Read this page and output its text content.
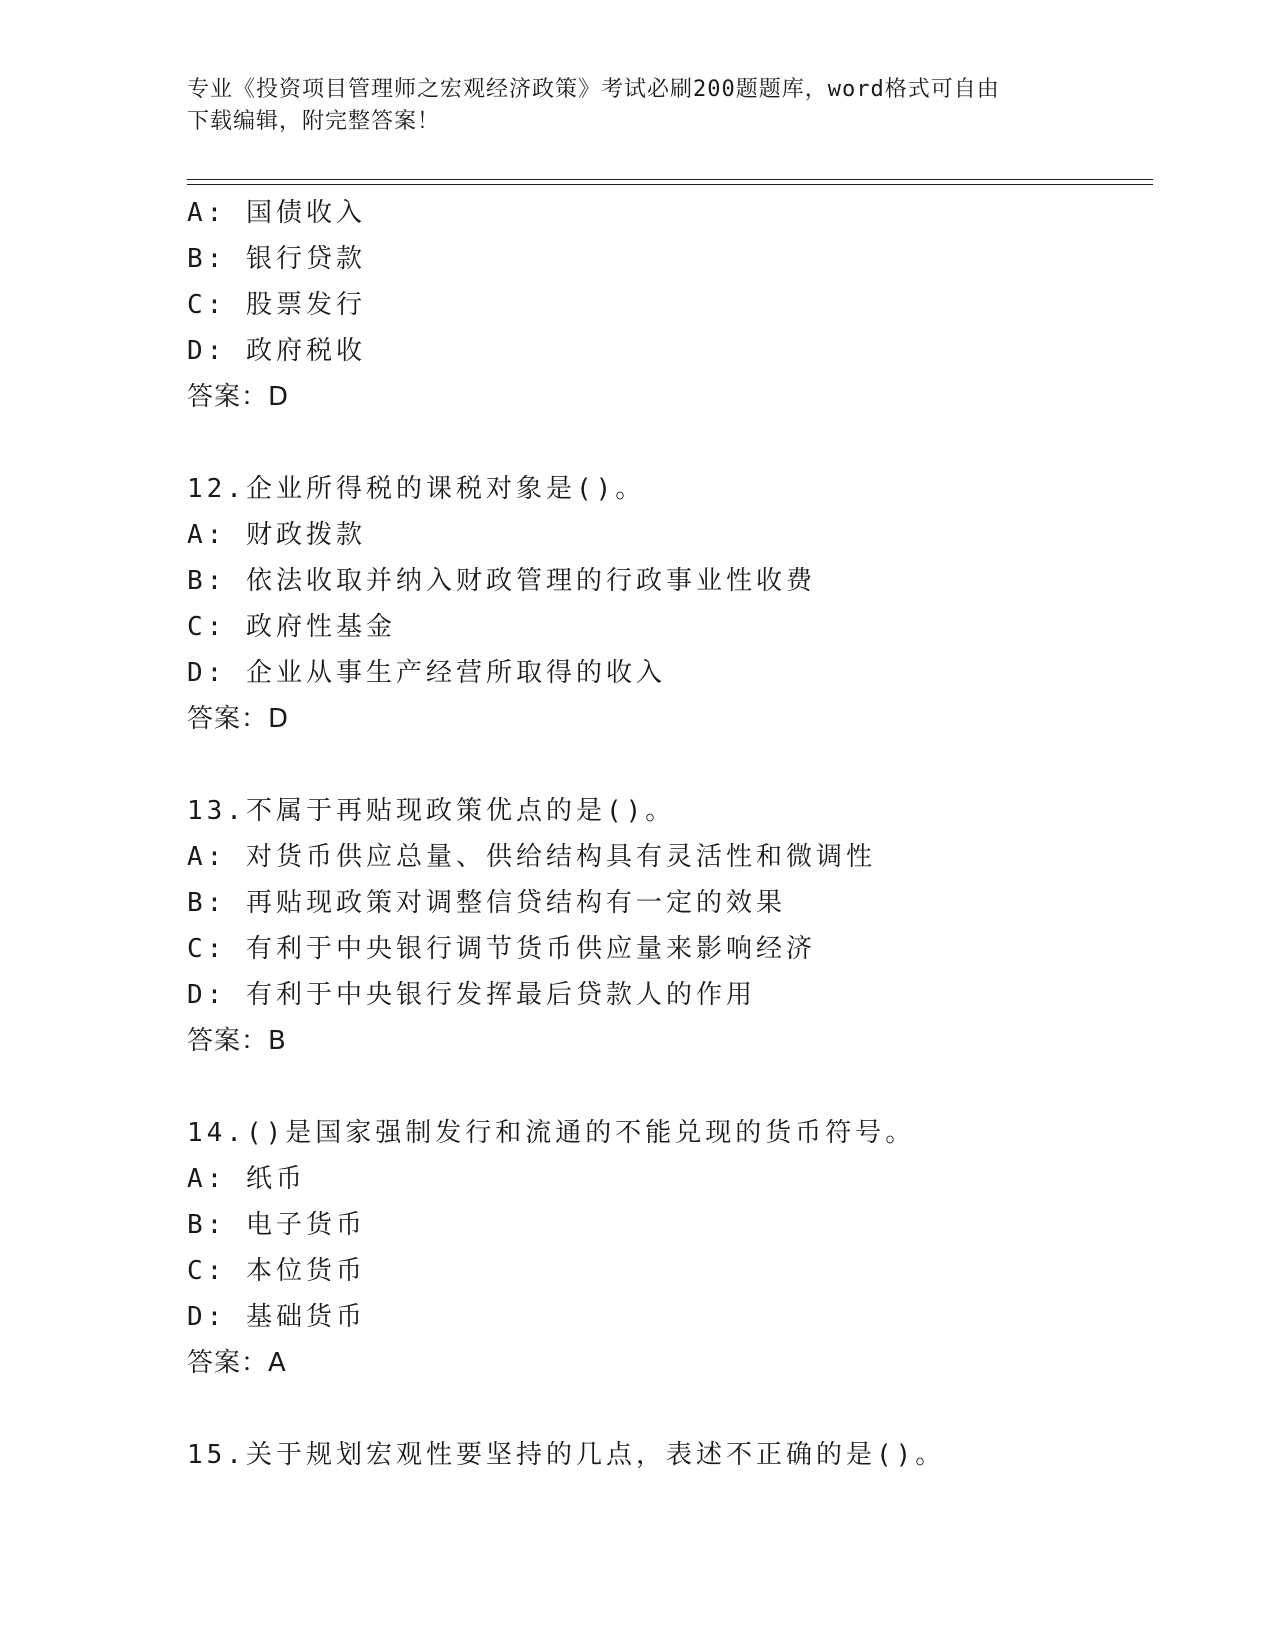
专业《投资项目管理师之宏观经济政策》考试必刷200题题库，word格式可自由
下载编辑，附完整答案！
A: 国债收入
B: 银行贷款
C: 股票发行
D: 政府税收
答案：D
12.企业所得税的课税对象是()。
A: 财政拨款
B: 依法收取并纳入财政管理的行政事业性收费
C: 政府性基金
D: 企业从事生产经营所取得的收入
答案：D
13.不属于再贴现政策优点的是()。
A: 对货币供应总量、供给结构具有灵活性和微调性
B: 再贴现政策对调整信贷结构有一定的效果
C: 有利于中央银行调节货币供应量来影响经济
D: 有利于中央银行发挥最后贷款人的作用
答案：B
14.()是国家强制发行和流通的不能兑现的货币符号。
A: 纸币
B: 电子货币
C: 本位货币
D: 基础货币
答案：A
15.关于规划宏观性要坚持的几点，表述不正确的是()。
